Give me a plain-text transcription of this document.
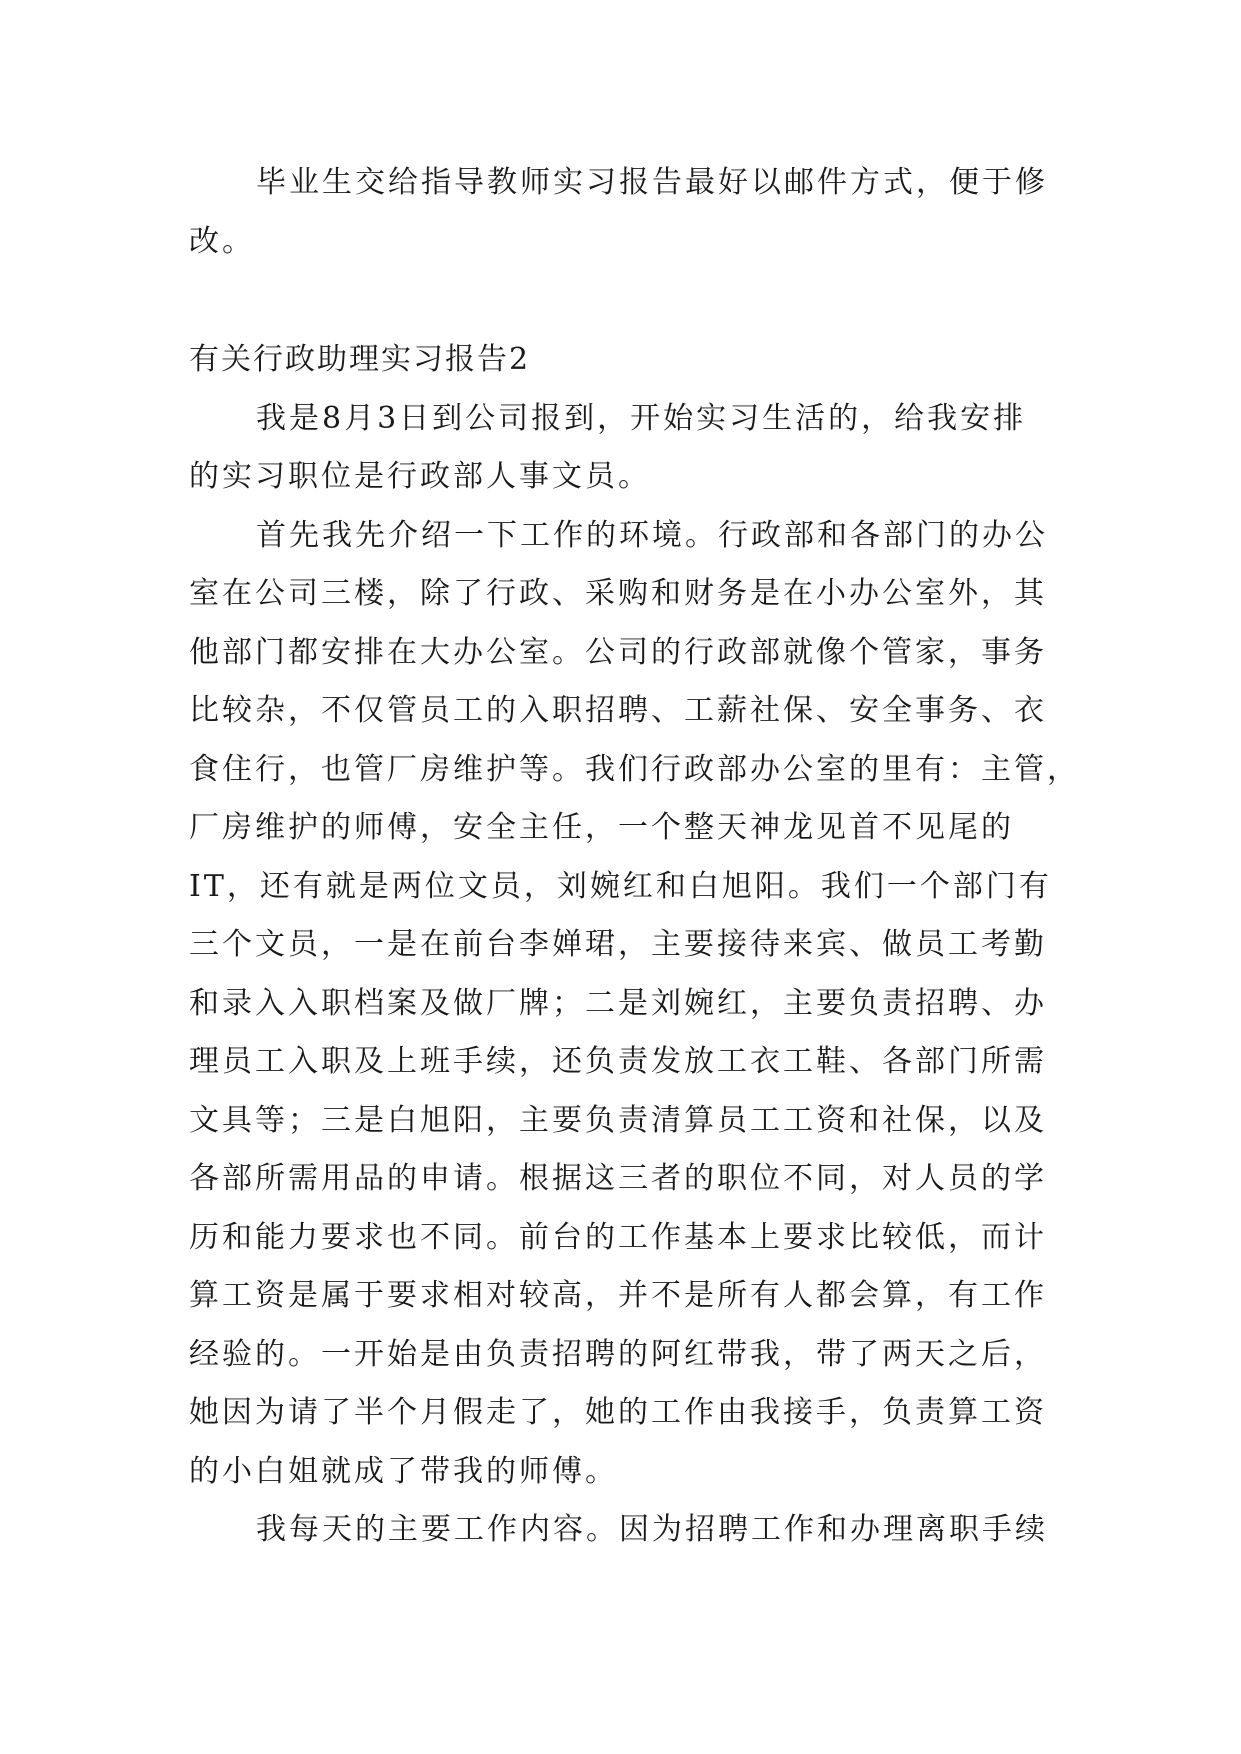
毕业生交给指导教师实习报告最好以邮件方式，便于修
改。

有关行政助理实习报告2

我是8月3日到公司报到，开始实习生活的，给我安排
的实习职位是行政部人事文员。

首先我先介绍一下工作的环境。行政部和各部门的办公
室在公司三楼，除了行政、采购和财务是在小办公室外，其
他部门都安排在大办公室。公司的行政部就像个管家，事务
比较杂，不仅管员工的入职招聘、工薪社保、安全事务、衣
食住行，也管厂房维护等。我们行政部办公室的里有：主管，
厂房维护的师傅，安全主任，一个整天神龙见首不见尾的
IT，还有就是两位文员，刘婉红和白旭阳。我们一个部门有
三个文员，一是在前台李婵珺，主要接待来宾、做员工考勤
和录入入职档案及做厂牌；二是刘婉红，主要负责招聘、办
理员工入职及上班手续，还负责发放工衣工鞋、各部门所需
文具等；三是白旭阳，主要负责清算员工工资和社保，以及
各部所需用品的申请。根据这三者的职位不同，对人员的学
历和能力要求也不同。前台的工作基本上要求比较低，而计
算工资是属于要求相对较高，并不是所有人都会算，有工作
经验的。一开始是由负责招聘的阿红带我，带了两天之后，
她因为请了半个月假走了，她的工作由我接手，负责算工资
的小白姐就成了带我的师傅。

我每天的主要工作内容。因为招聘工作和办理离职手续
